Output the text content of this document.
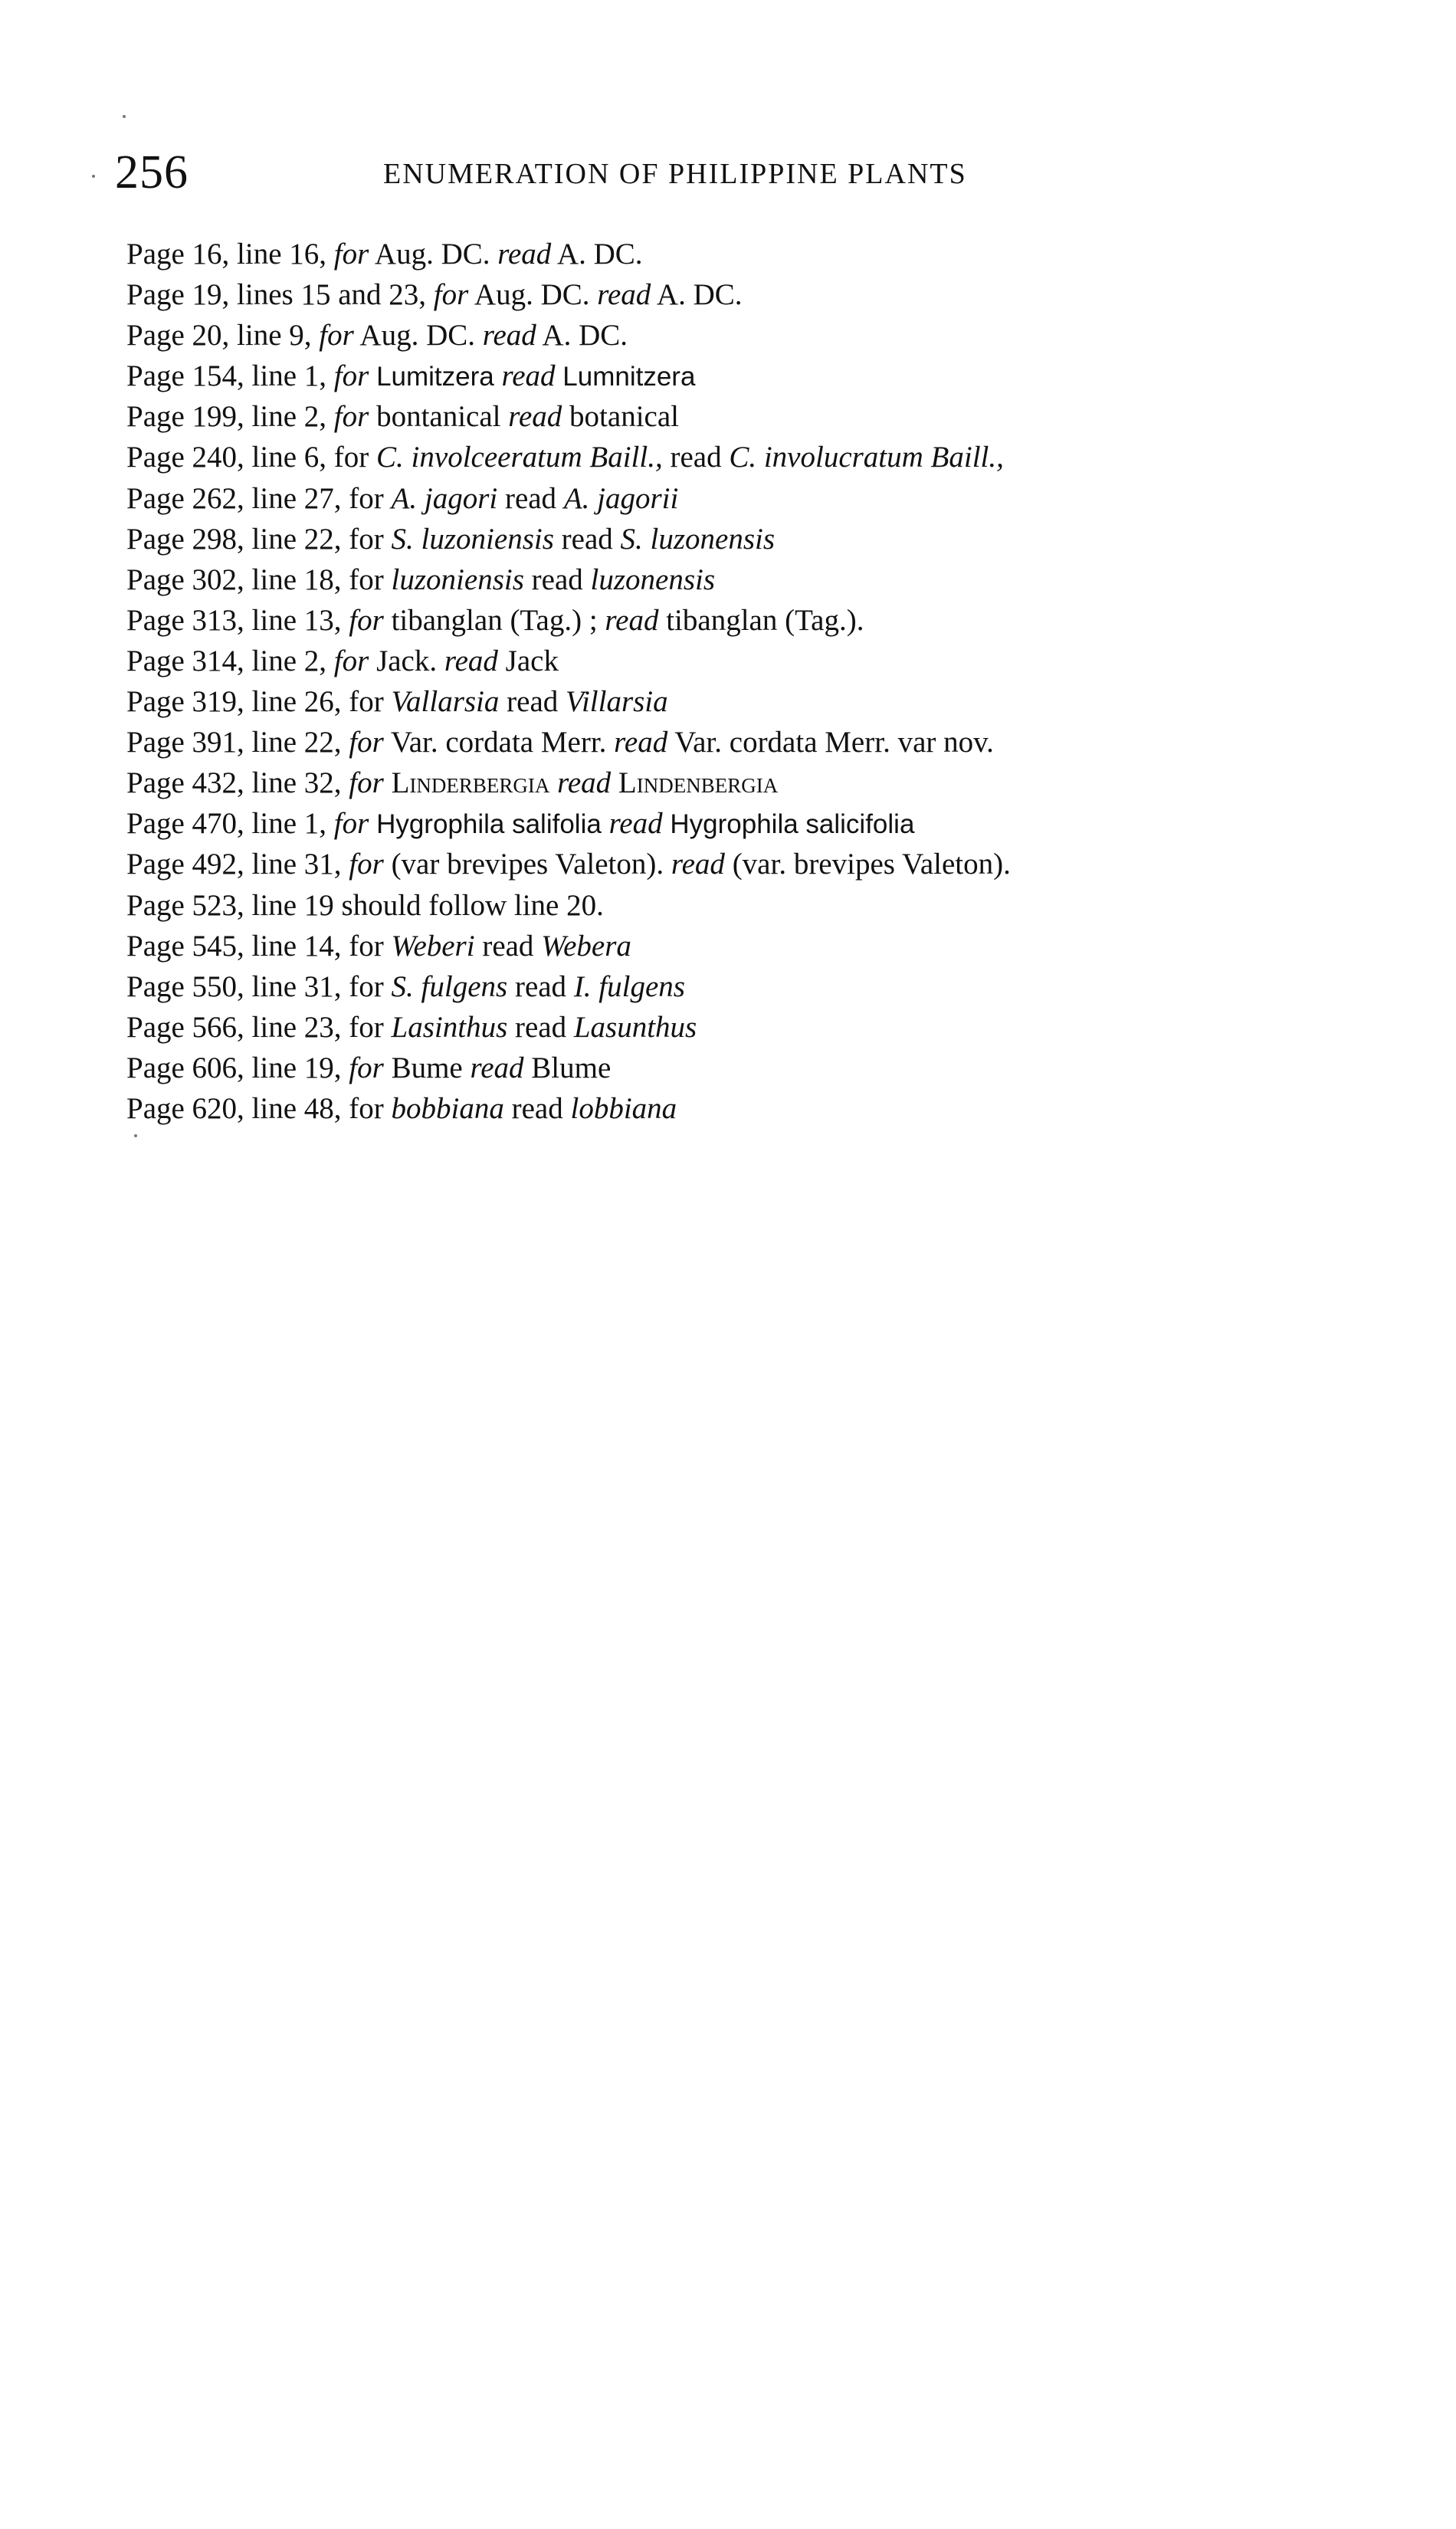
256	ENUMERATION OF PHILIPPINE PLANTS
Page 16, line 16, for Aug. DC. read A. DC.
Page 19, lines 15 and 23, for Aug. DC. read A. DC.
Page 20, line 9, for Aug. DC. read A. DC.
Page 154, line 1, for Lumitzera read Lumnitzera
Page 199, line 2, for bontanical read botanical
Page 240, line 6, for C. involceeratum Baill., read C. involucratum Baill.,
Page 262, line 27, for A. jagori read A. jagorii
Page 298, line 22, for S. luzoniensis read S. luzonensis
Page 302, line 18, for luzoniensis read luzonensis
Page 313, line 13, for tibanglan (Tag.) ; read tibanglan (Tag.).
Page 314, line 2, for Jack. read Jack
Page 319, line 26, for Vallarsia read Villarsia
Page 391, line 22, for Var. cordata Merr. read Var. cordata Merr. var nov.
Page 432, line 32, for Linderbergia read Lindenbergia
Page 470, line 1, for Hygrophila salifolia read Hygrophila salicifolia
Page 492, line 31, for (var brevipes Valeton). read (var. brevipes Valeton).
Page 523, line 19 should follow line 20.
Page 545, line 14, for Weberi read Webera
Page 550, line 31, for S. fulgens read I. fulgens
Page 566, line 23, for Lasinthus read Lasunthus
Page 606, line 19, for Bume read Blume
Page 620, line 48, for bobbiana read lobbiana
